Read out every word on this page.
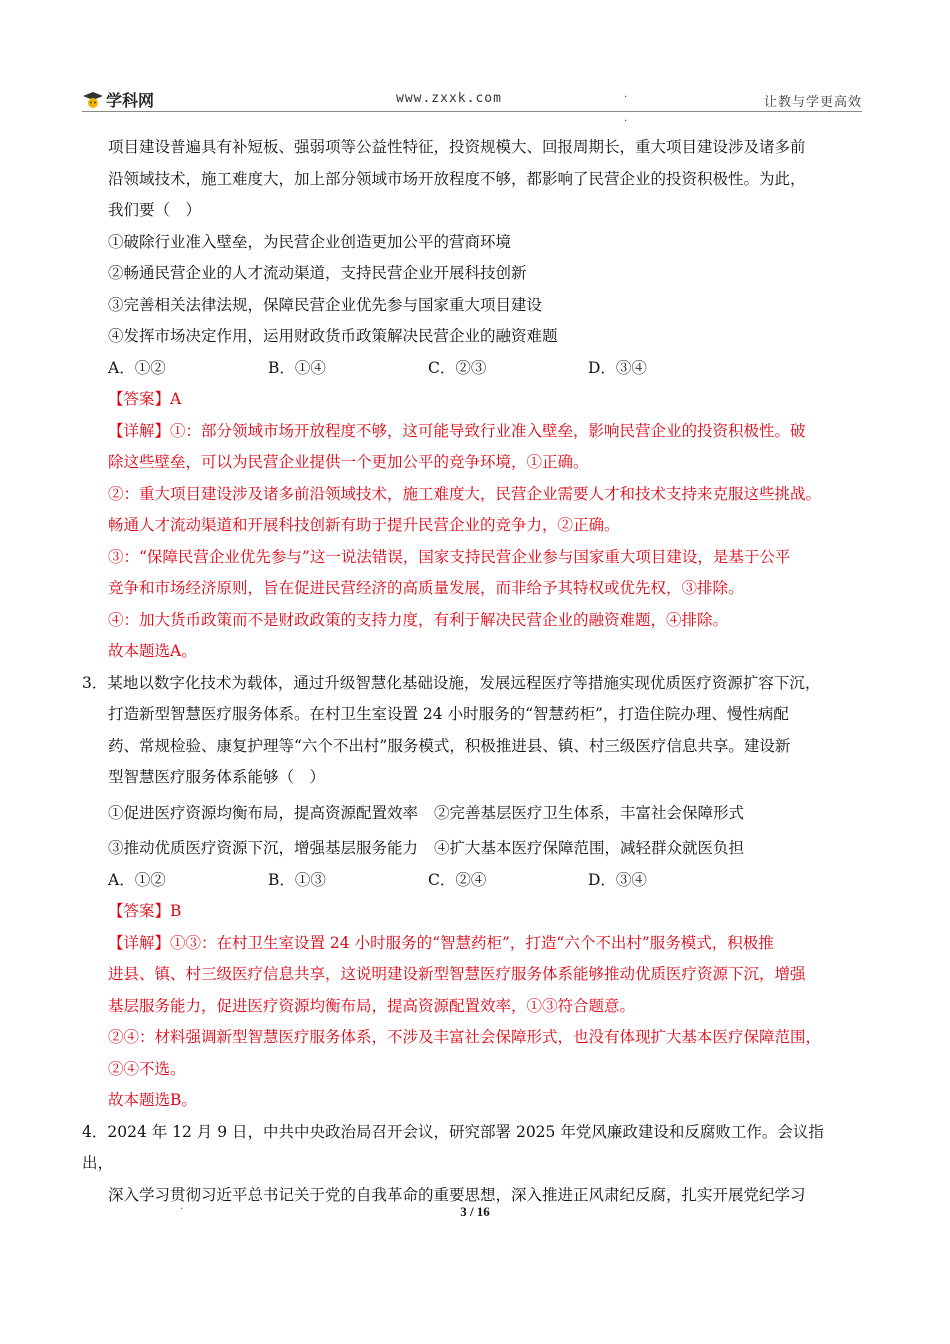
学科网	www.zxxk.com	·	让教与学更高效
·

项目建设普遍具有补短板、强弱项等公益性特征，投资规模大、回报周期长，重大项目建设涉及诸多前

沿领域技术，施工难度大，加上部分领域市场开放程度不够，都影响了民营企业的投资积极性。为此，

我们要（　）

①破除行业准入壁垒，为民营企业创造更加公平的营商环境

②畅通民营企业的人才流动渠道，支持民营企业开展科技创新

③完善相关法律法规，保障民营企业优先参与国家重大项目建设

④发挥市场决定作用，运用财政货币政策解决民营企业的融资难题

A．①②	B．①④	C．②③	D．③④

【答案】A

【详解】①：部分领域市场开放程度不够，这可能导致行业准入壁垒，影响民营企业的投资积极性。破

除这些壁垒，可以为民营企业提供一个更加公平的竞争环境，①正确。

②：重大项目建设涉及诸多前沿领域技术，施工难度大，民营企业需要人才和技术支持来克服这些挑战。

畅通人才流动渠道和开展科技创新有助于提升民营企业的竞争力，②正确。

③：“保障民营企业优先参与”这一说法错误，国家支持民营企业参与国家重大项目建设，是基于公平

竞争和市场经济原则，旨在促进民营经济的高质量发展，而非给予其特权或优先权，③排除。

④：加大货币政策而不是财政政策的支持力度，有利于解决民营企业的融资难题，④排除。

故本题选A。

3．某地以数字化技术为载体，通过升级智慧化基础设施，发展远程医疗等措施实现优质医疗资源扩容下沉，

打造新型智慧医疗服务体系。在村卫生室设置 24 小时服务的“智慧药柜”，打造住院办理、慢性病配

药、常规检验、康复护理等“六个不出村”服务模式，积极推进县、镇、村三级医疗信息共享。建设新

型智慧医疗服务体系能够（　）

①促进医疗资源均衡布局，提高资源配置效率 ②完善基层医疗卫生体系，丰富社会保障形式

③推动优质医疗资源下沉，增强基层服务能力 ④扩大基本医疗保障范围，减轻群众就医负担

A．①②	B．①③	C．②④	D．③④

【答案】B

【详解】①③：在村卫生室设置 24 小时服务的“智慧药柜”，打造“六个不出村”服务模式，积极推

进县、镇、村三级医疗信息共享，这说明建设新型智慧医疗服务体系能够推动优质医疗资源下沉，增强

基层服务能力，促进医疗资源均衡布局，提高资源配置效率，①③符合题意。

②④：材料强调新型智慧医疗服务体系，不涉及丰富社会保障形式，也没有体现扩大基本医疗保障范围，

②④不选。

故本题选B。

4．2024 年 12 月 9 日，中共中央政治局召开会议，研究部署 2025 年党风廉政建设和反腐败工作。会议指出，

深入学习贯彻习近平总书记关于党的自我革命的重要思想，深入推进正风肃纪反腐，扎实开展党纪学习

·	3 / 16
